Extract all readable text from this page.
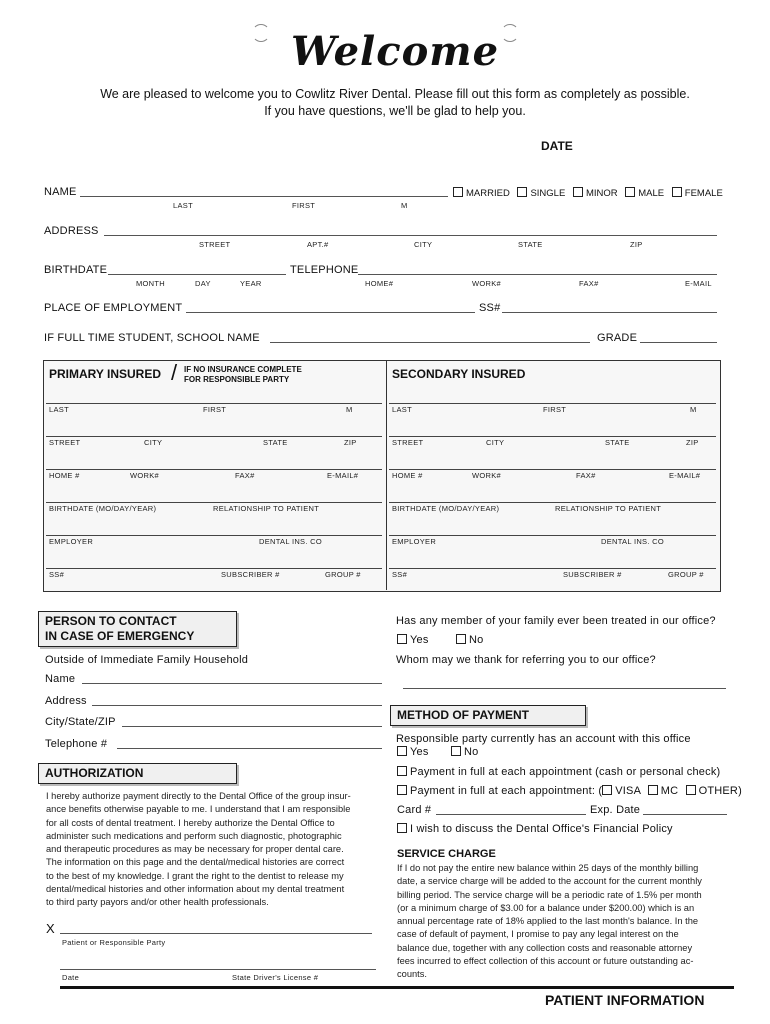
Welcome
We are pleased to welcome you to Cowlitz River Dental. Please fill out this form as completely as possible.
If you have questions, we'll be glad to help you.
DATE
NAME
LAST	FIRST	M
MARRIED SINGLE MINOR MALE FEMALE
ADDRESS
STREET	APT.#	CITY	STATE	ZIP
BIRTHDATE
MONTH	DAY	YEAR
TELEPHONE
HOME#	WORK#	FAX#	E-MAIL
PLACE OF EMPLOYMENT	SS#
IF FULL TIME STUDENT, SCHOOL NAME	GRADE
PRIMARY INSURED / IF NO INSURANCE COMPLETE
FOR RESPONSIBLE PARTY	SECONDARY INSURED
LAST	FIRST	M
STREET	CITY	STATE	ZIP
HOME #	WORK#	FAX#	E-MAIL#
BIRTHDATE (MO/DAY/YEAR)	RELATIONSHIP TO PATIENT
EMPLOYER	DENTAL INS. CO
SS#	SUBSCRIBER #	GROUP #
LAST	FIRST	M
STREET	CITY	STATE	ZIP
HOME #	WORK#	FAX#	E-MAIL#
BIRTHDATE (MO/DAY/YEAR)	RELATIONSHIP TO PATIENT
EMPLOYER	DENTAL INS. CO
SS#	SUBSCRIBER #	GROUP #
PERSON TO CONTACT
IN CASE OF EMERGENCY
Outside of Immediate Family Household
Name
Address
City/State/ZIP
Telephone #
Has any member of your family ever been treated in our office?
Yes	No
Whom may we thank for referring you to our office?
METHOD OF PAYMENT
Responsible party currently has an account with this office
Yes	No
Payment in full at each appointment (cash or personal check)
Payment in full at each appointment: ( VISA MC OTHER)
Card #	Exp. Date
I wish to discuss the Dental Office's Financial Policy
SERVICE CHARGE
If I do not pay the entire new balance within 25 days of the monthly billing
date, a service charge will be added to the account for the current monthly
billing period. The service charge will be a periodic rate of 1.5% per month
(or a minimum charge of $3.00 for a balance under $200.00) which is an
annual percentage rate of 18% applied to the last month's balance. In the
case of default of payment, I promise to pay any legal interest on the
balance due, together with any collection costs and reasonable attorney
fees incurred to effect collection of this account or future outstanding ac-
counts.
AUTHORIZATION
I hereby authorize payment directly to the Dental Office of the group insur-
ance benefits otherwise payable to me. I understand that I am responsible
for all costs of dental treatment. I hereby authorize the Dental Office to
administer such medications and perform such diagnostic, photographic
and therapeutic procedures as may be necessary for proper dental care.
The information on this page and the dental/medical histories are correct
to the best of my knowledge. I grant the right to the dentist to release my
dental/medical histories and other information about my dental treatment
to third party payors and/or other health professionals.
X
Patient or Responsible Party
Date	State Driver's License #
PATIENT INFORMATION
